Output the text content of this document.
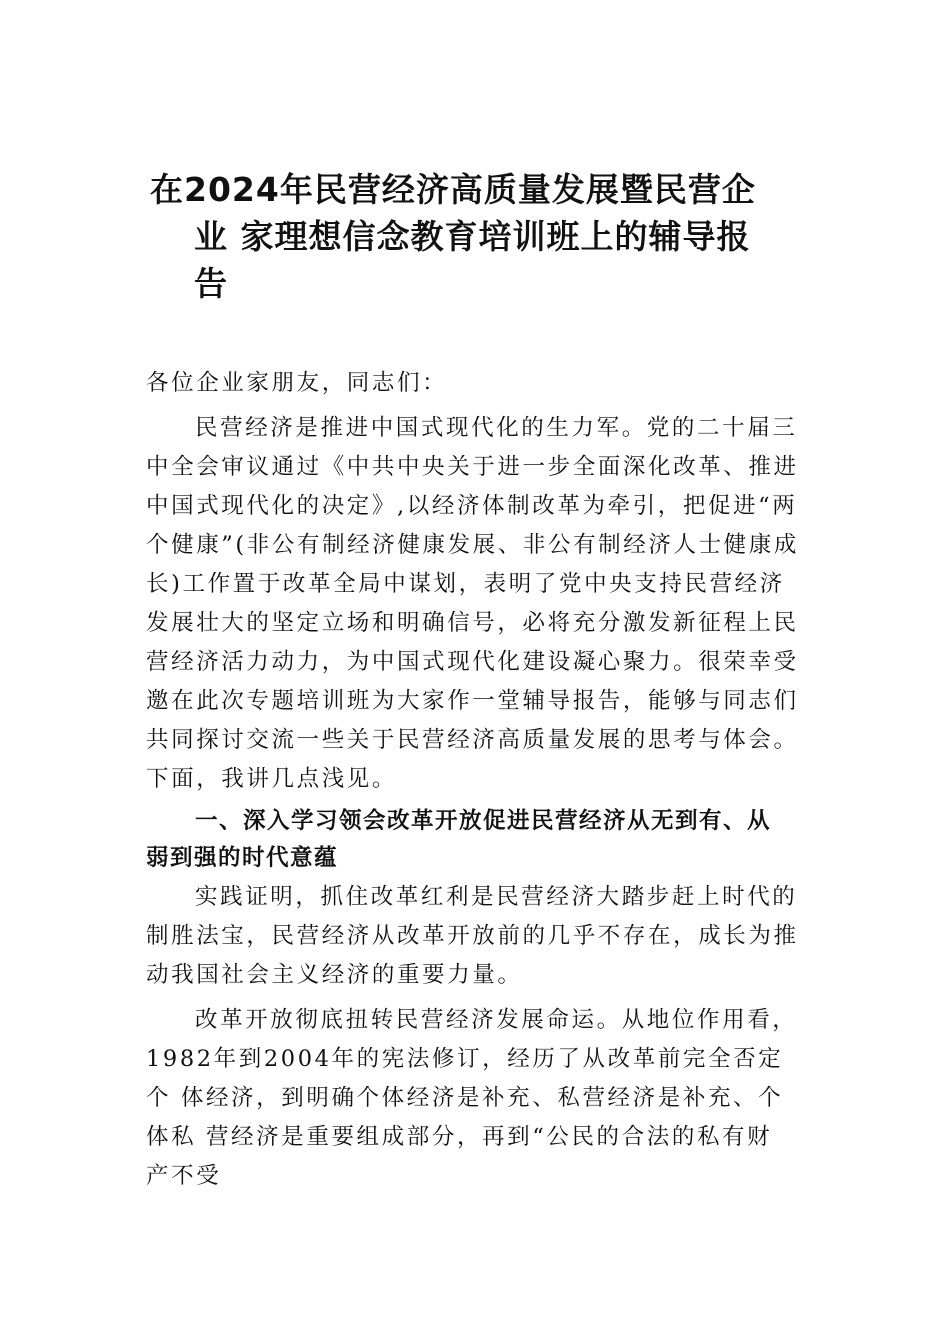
在2024年民营经济高质量发展暨民营企
业 家理想信念教育培训班上的辅导报
告
各位企业家朋友，同志们：
民营经济是推进中国式现代化的生力军。党的二十届三
中全会审议通过《中共中央关于进一步全面深化改革、推进
中国式现代化的决定》,以经济体制改革为牵引，把促进“两
个健康”(非公有制经济健康发展、非公有制经济人士健康成
长)工作置于改革全局中谋划，表明了党中央支持民营经济
发展壮大的坚定立场和明确信号，必将充分激发新征程上民
营经济活力动力，为中国式现代化建设凝心聚力。很荣幸受
邀在此次专题培训班为大家作一堂辅导报告，能够与同志们
共同探讨交流一些关于民营经济高质量发展的思考与体会。
下面，我讲几点浅见。
一、深入学习领会改革开放促进民营经济从无到有、从
弱到强的时代意蕴
实践证明，抓住改革红利是民营经济大踏步赶上时代的
制胜法宝，民营经济从改革开放前的几乎不存在，成长为推
动我国社会主义经济的重要力量。
改革开放彻底扭转民营经济发展命运。从地位作用看，
1982年到2004年的宪法修订，经历了从改革前完全否定
个 体经济，到明确个体经济是补充、私营经济是补充、个
体私 营经济是重要组成部分，再到“公民的合法的私有财
产不受
